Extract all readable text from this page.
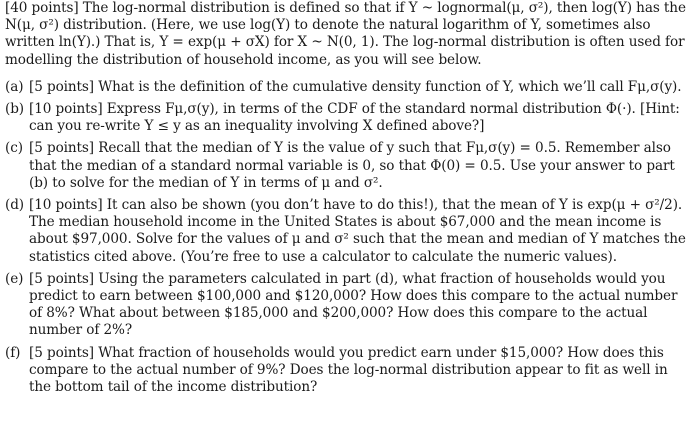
[40 points] The log-normal distribution is defined so that if Y ~ lognormal(μ, σ²), then log(Y) has the N(μ, σ²) distribution. (Here, we use log(Y) to denote the natural logarithm of Y, sometimes also written ln(Y).) That is, Y = exp(μ + σX) for X ~ N(0, 1). The log-normal distribution is often used for modelling the distribution of household income, as you will see below.

(a) [5 points] What is the definition of the cumulative density function of Y, which we’ll call Fμ,σ(y).
(b) [10 points] Express Fμ,σ(y), in terms of the CDF of the standard normal distribution Φ(·). [Hint: can you re-write Y ≤ y as an inequality involving X defined above?]
(c) [5 points] Recall that the median of Y is the value of y such that Fμ,σ(y) = 0.5. Remember also that the median of a standard normal variable is 0, so that Φ(0) = 0.5. Use your answer to part (b) to solve for the median of Y in terms of μ and σ².
(d) [10 points] It can also be shown (you don’t have to do this!), that the mean of Y is exp(μ + σ²/2). The median household income in the United States is about $67,000 and the mean income is about $97,000. Solve for the values of μ and σ² such that the mean and median of Y matches the statistics cited above. (You’re free to use a calculator to calculate the numeric values).
(e) [5 points] Using the parameters calculated in part (d), what fraction of households would you predict to earn between $100,000 and $120,000? How does this compare to the actual number of 8%? What about between $185,000 and $200,000? How does this compare to the actual number of 2%?
(f) [5 points] What fraction of households would you predict earn under $15,000? How does this compare to the actual number of 9%? Does the log-normal distribution appear to fit as well in the bottom tail of the income distribution?
